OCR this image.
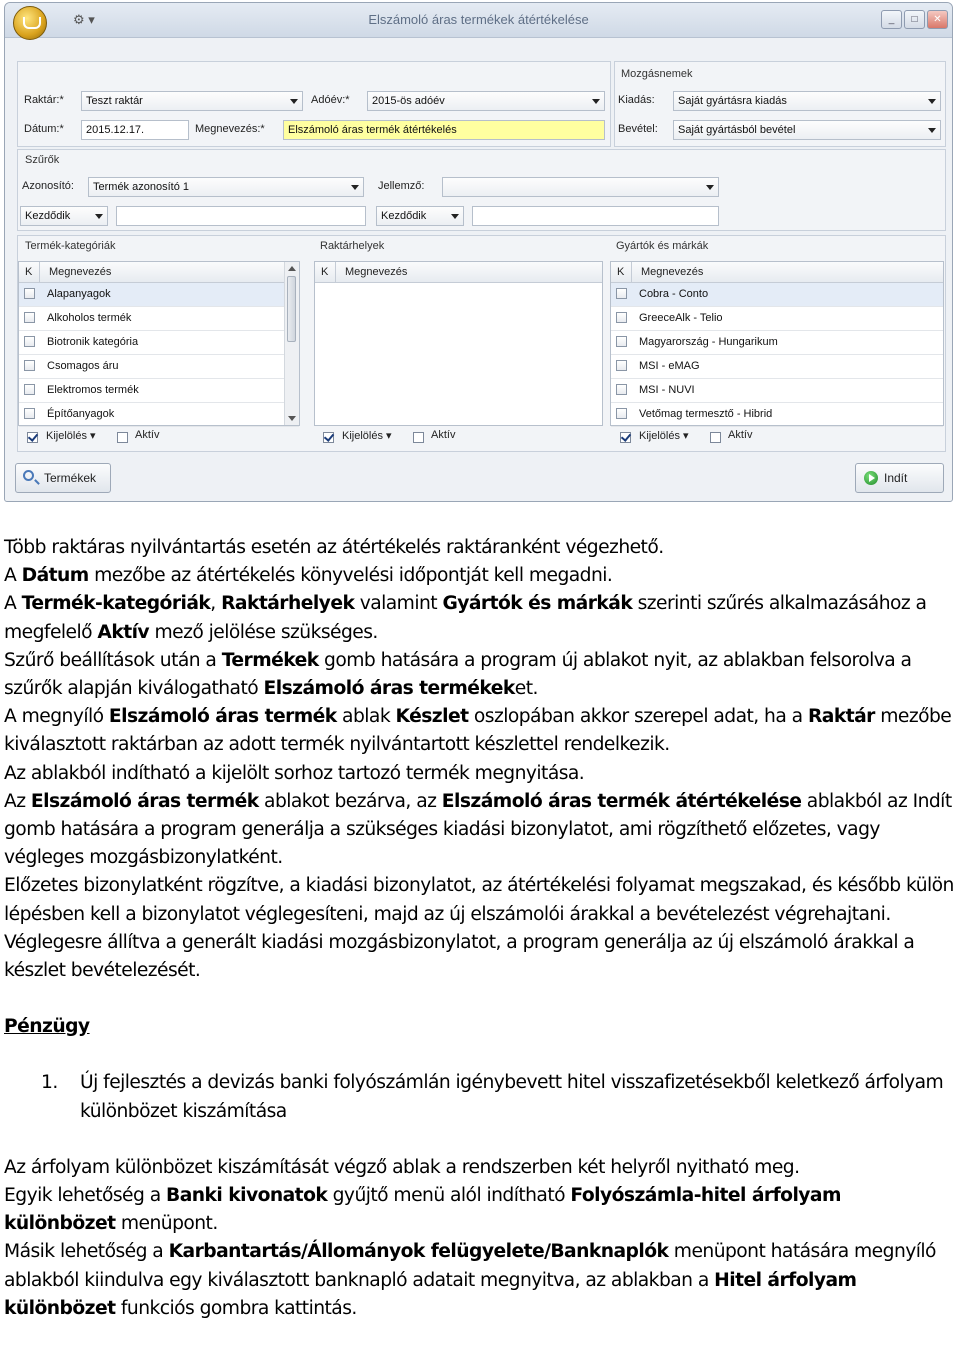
⚙ ▾	Elszámoló áras termékek átértékelése	_	□	✕
Raktár:*	Teszt raktár	Adóév:*	2015-ös adóév
Dátum:*	2015.12.17.	Megnevezés:*	Elszámoló áras termék átértékelés
Mozgásnemek
Kiadás:	Saját gyártásra kiadás
Bevétel:	Saját gyártásból bevétel
Szűrők
Azonosító:	Termék azonosító 1	Jellemző:
Kezdődik	Kezdődik
Termék-kategóriák
K Megnevezés
Alapanyagok
Alkoholos termék
Biotronik kategória
Csomagos áru
Elektromos termék
Építőanyagok
Kijelölés ▾	Aktív
Raktárhelyek
K Megnevezés
Kijelölés ▾	Aktív
Gyártók és márkák
K Megnevezés
Cobra - Conto
GreeceAlk - Telio
Magyarország - Hungarikum
MSI - eMAG
MSI - NUVI
Vetőmag termesztő - Hibrid
Kijelölés ▾	Aktív
Termékek	Indít

Több raktáras nyilvántartás esetén az átértékelés raktáranként végezhető.

A Dátum mezőbe az átértékelés könyvelési időpontját kell megadni.

A Termék-kategóriák, Raktárhelyek valamint Gyártók és márkák szerinti szűrés alkalmazásához a megfelelő Aktív mező jelölése szükséges.

Szűrő beállítások után a Termékek gomb hatására a program új ablakot nyit, az ablakban felsorolva a szűrők alapján kiválogatható Elszámoló áras termékeket.

A megnyíló Elszámoló áras termék ablak Készlet oszlopában akkor szerepel adat, ha a Raktár mezőbe kiválasztott raktárban az adott termék nyilvántartott készlettel rendelkezik.

Az ablakból indítható a kijelölt sorhoz tartozó termék megnyitása.

Az Elszámoló áras termék ablakot bezárva, az Elszámoló áras termék átértékelése ablakból az Indít gomb hatására a program generálja a szükséges kiadási bizonylatot, ami rögzíthető előzetes, vagy végleges mozgásbizonylatként.

Előzetes bizonylatként rögzítve, a kiadási bizonylatot, az átértékelési folyamat megszakad, és később külön lépésben kell a bizonylatot véglegesíteni, majd az új elszámolói árakkal a bevételezést végrehajtani.

Véglegesre állítva a generált kiadási mozgásbizonylatot, a program generálja az új elszámoló árakkal a készlet bevételezését.

Pénzügy

1. Új fejlesztés a devizás banki folyószámlán igénybevett hitel visszafizetésekből keletkező árfolyam különbözet kiszámítása

Az árfolyam különbözet kiszámítását végző ablak a rendszerben két helyről nyitható meg.

Egyik lehetőség a Banki kivonatok gyűjtő menü alól indítható Folyószámla-hitel árfolyam különbözet menüpont.

Másik lehetőség a Karbantartás/Állományok felügyelete/Banknaplók menüpont hatására megnyíló ablakból kiindulva egy kiválasztott banknapló adatait megnyitva, az ablakban a Hitel árfolyam különbözet funkciós gombra kattintás.
